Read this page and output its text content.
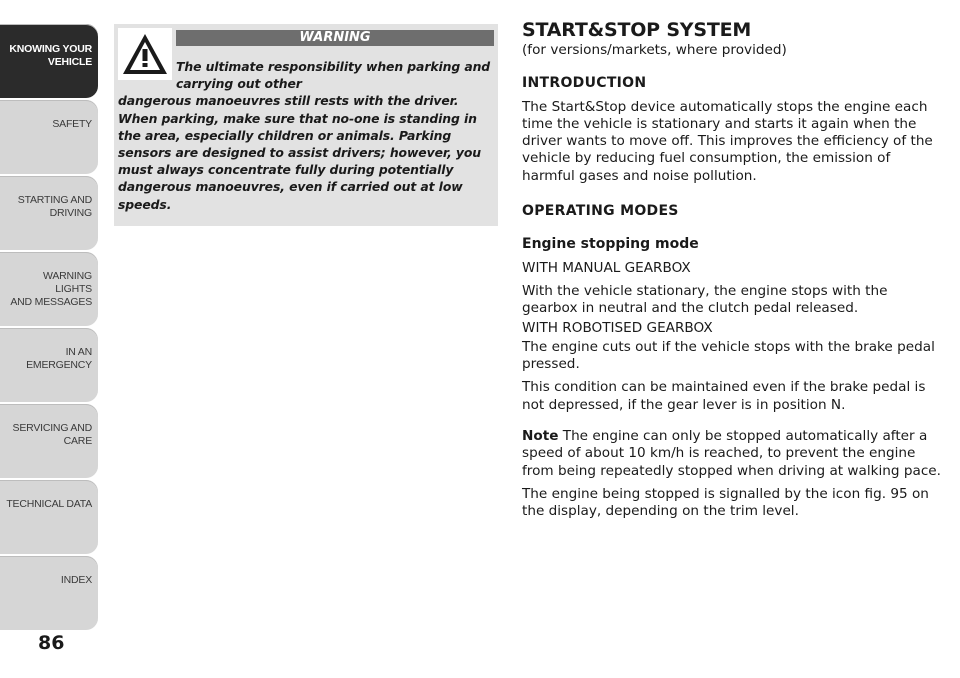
KNOWING YOUR
VEHICLE
SAFETY
STARTING AND
DRIVING
WARNING LIGHTS
AND MESSAGES
IN AN EMERGENCY
SERVICING AND
CARE
TECHNICAL DATA
INDEX
86
WARNING
The ultimate responsibility when parking and carrying out other
dangerous manoeuvres still rests with the driver. When parking, make sure that no-one is standing in the area, especially children or animals. Parking sensors are designed to assist drivers; however, you must always concentrate fully during potentially dangerous manoeuvres, even if carried out at low speeds.
START&STOP SYSTEM

(for versions/markets, where provided)

INTRODUCTION

The Start&Stop device automatically stops the engine each time the vehicle is stationary and starts it again when the driver wants to move off. This improves the efficiency of the vehicle by reducing fuel consumption, the emission of harmful gases and noise pollution.

OPERATING MODES
Engine stopping mode

WITH MANUAL GEARBOX

With the vehicle stationary, the engine stops with the gearbox in neutral and the clutch pedal released.

WITH ROBOTISED GEARBOX

The engine cuts out if the vehicle stops with the brake pedal pressed.

This condition can be maintained even if the brake pedal is not depressed, if the gear lever is in position N.

Note The engine can only be stopped automatically after a speed of about 10 km/h is reached, to prevent the engine from being repeatedly stopped when driving at walking pace.

The engine being stopped is signalled by the icon fig. 95 on the display, depending on the trim level.
